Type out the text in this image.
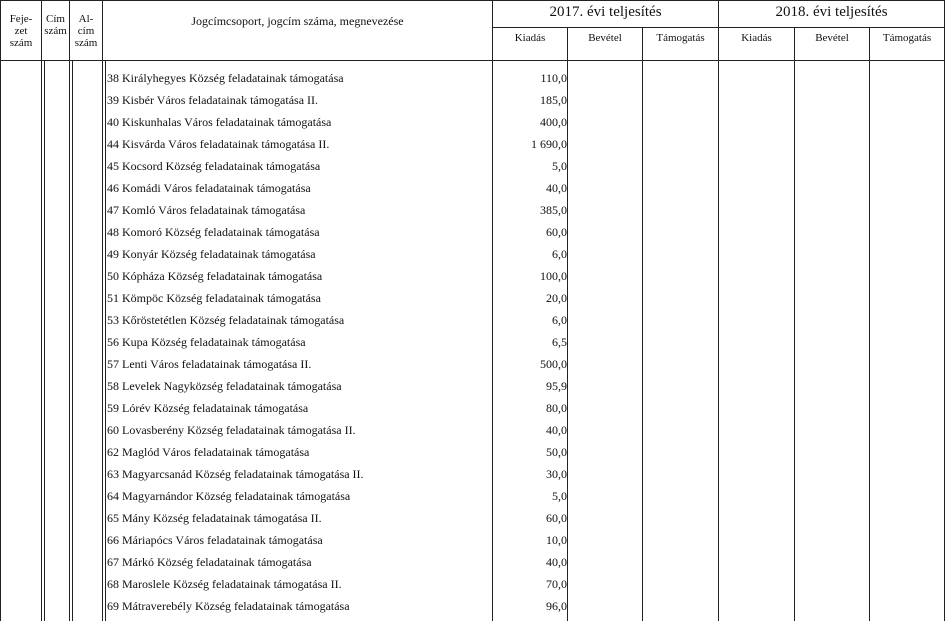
Feje-
zet
szám
Cím
szám
Al-
cím
szám
Jogcímcsoport, jogcím száma, megnevezése
2017. évi teljesítés	2018. évi teljesítés
Kiadás	Bevétel	Támogatás	Kiadás	Bevétel	Támogatás
38 Királyhegyes Község feladatainak támogatása	110,0
39 Kisbér Város feladatainak támogatása II.	185,0
40 Kiskunhalas Város feladatainak támogatása	400,0
44 Kisvárda Város feladatainak támogatása II.	1 690,0
45 Kocsord Község feladatainak támogatása	5,0
46 Komádi Város feladatainak támogatása	40,0
47 Komló Város feladatainak támogatása	385,0
48 Komoró Község feladatainak támogatása	60,0
49 Konyár Község feladatainak támogatása	6,0
50 Kópháza Község feladatainak támogatása	100,0
51 Kömpöc Község feladatainak támogatása	20,0
53 Kőröstetétlen Község feladatainak támogatása	6,0
56 Kupa Község feladatainak támogatása	6,5
57 Lenti Város feladatainak támogatása II.	500,0
58 Levelek Nagyközség feladatainak támogatása	95,9
59 Lórév Község feladatainak támogatása	80,0
60 Lovasberény Község feladatainak támogatása II.	40,0
62 Maglód Város feladatainak támogatása	50,0
63 Magyarcsanád Község feladatainak támogatása II.	30,0
64 Magyarnándor Község feladatainak támogatása	5,0
65 Mány Község feladatainak támogatása II.	60,0
66 Máriapócs Város feladatainak támogatása	10,0
67 Márkó Község feladatainak támogatása	40,0
68 Maroslele Község feladatainak támogatása II.	70,0
69 Mátraverebély Község feladatainak támogatása	96,0
